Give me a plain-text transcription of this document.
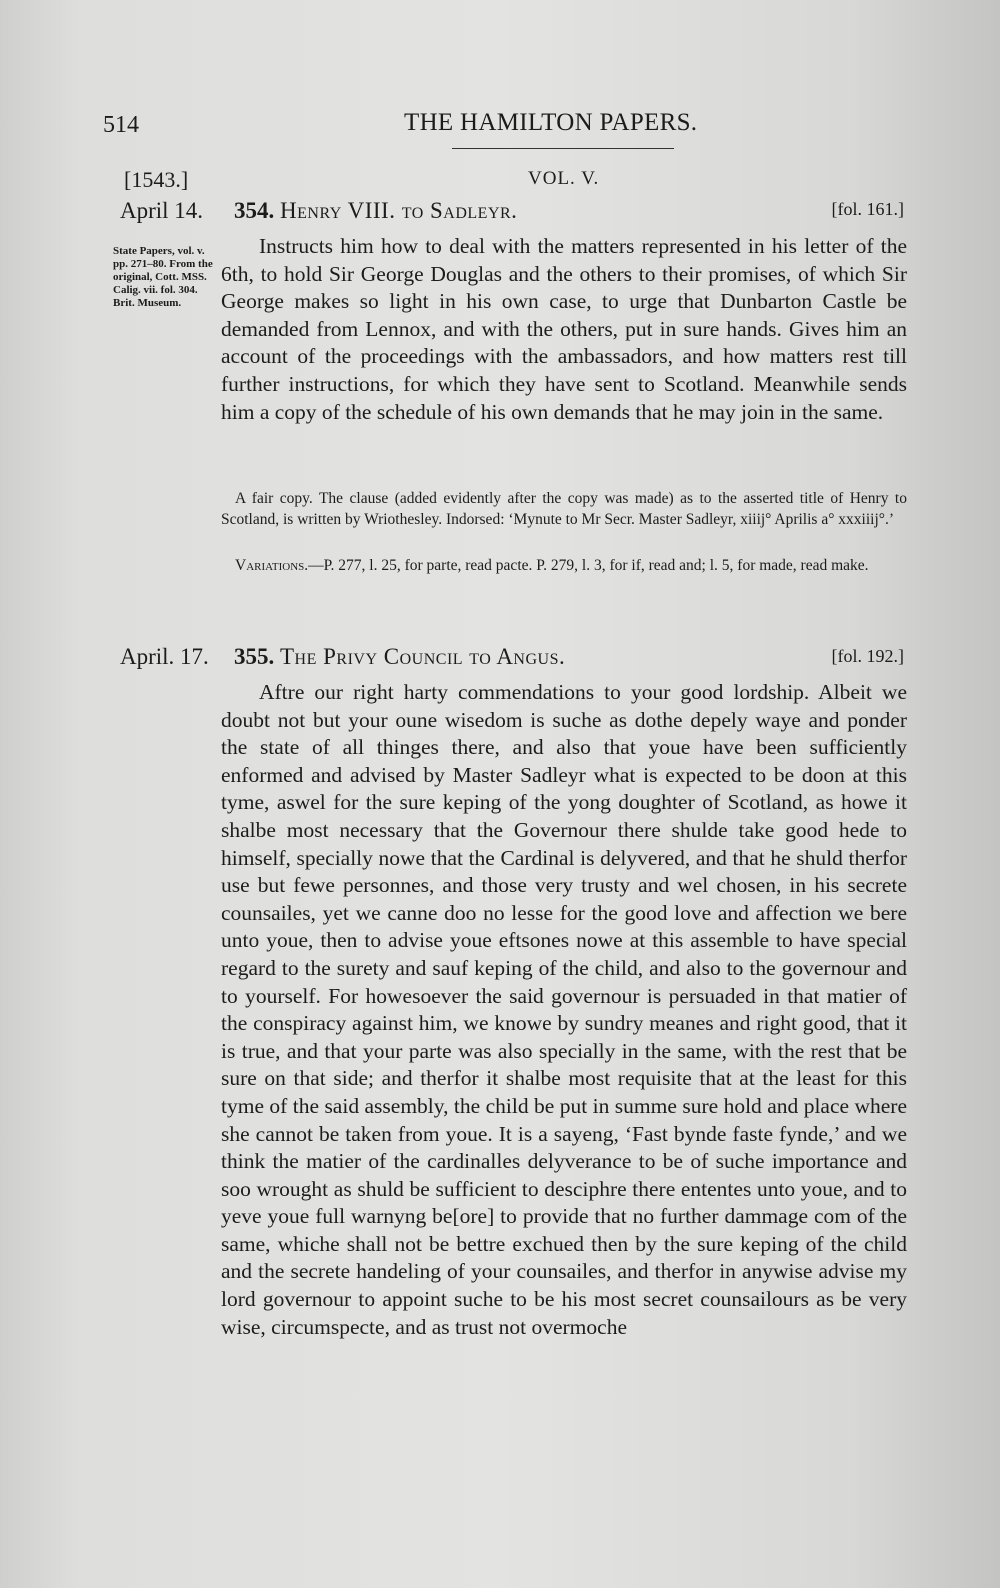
514	THE HAMILTON PAPERS.
[1543.]	VOL. V.
April 14. 354. Henry VIII. to Sadleyr.	[fol. 161.]
State Papers, vol. v. pp. 271–80. From the original, Cott. MSS. Calig. vii. fol. 304. Brit. Museum.

Instructs him how to deal with the matters represented in his letter of the 6th, to hold Sir George Douglas and the others to their promises, of which Sir George makes so light in his own case, to urge that Dunbarton Castle be demanded from Lennox, and with the others, put in sure hands. Gives him an account of the proceedings with the ambassadors, and how matters rest till further instructions, for which they have sent to Scotland. Meanwhile sends him a copy of the schedule of his own demands that he may join in the same.

A fair copy. The clause (added evidently after the copy was made) as to the asserted title of Henry to Scotland, is written by Wriothesley. Indorsed: ‘Mynute to Mr Secr. Master Sadleyr, xiiij° Aprilis a° xxxiiij°.’

Variations.—P. 277, l. 25, for parte, read pacte. P. 279, l. 3, for if, read and; l. 5, for made, read make.

April. 17. 355. The Privy Council to Angus.	[fol. 192.]

Aftre our right harty commendations to your good lordship. Albeit we doubt not but your oune wisedom is suche as dothe depely waye and ponder the state of all thinges there, and also that youe have been sufficiently enformed and advised by Master Sadleyr what is expected to be doon at this tyme, aswel for the sure keping of the yong doughter of Scotland, as howe it shalbe most necessary that the Governour there shulde take good hede to himself, specially nowe that the Cardinal is delyvered, and that he shuld therfor use but fewe personnes, and those very trusty and wel chosen, in his secrete counsailes, yet we canne doo no lesse for the good love and affection we bere unto youe, then to advise youe eftsones nowe at this assemble to have special regard to the surety and sauf keping of the child, and also to the governour and to yourself. For howesoever the said governour is persuaded in that matier of the conspiracy against him, we knowe by sundry meanes and right good, that it is true, and that your parte was also specially in the same, with the rest that be sure on that side; and therfor it shalbe most requisite that at the least for this tyme of the said assembly, the child be put in summe sure hold and place where she cannot be taken from youe. It is a sayeng, ‘Fast bynde faste fynde,’ and we think the matier of the cardinalles delyverance to be of suche importance and soo wrought as shuld be sufficient to desciphre there ententes unto youe, and to yeve youe full warnyng be[ore] to provide that no further dammage com of the same, whiche shall not be bettre exchued then by the sure keping of the child and the secrete handeling of your counsailes, and therfor in anywise advise my lord governour to appoint suche to be his most secret counsailours as be very wise, circumspecte, and as trust not overmoche
